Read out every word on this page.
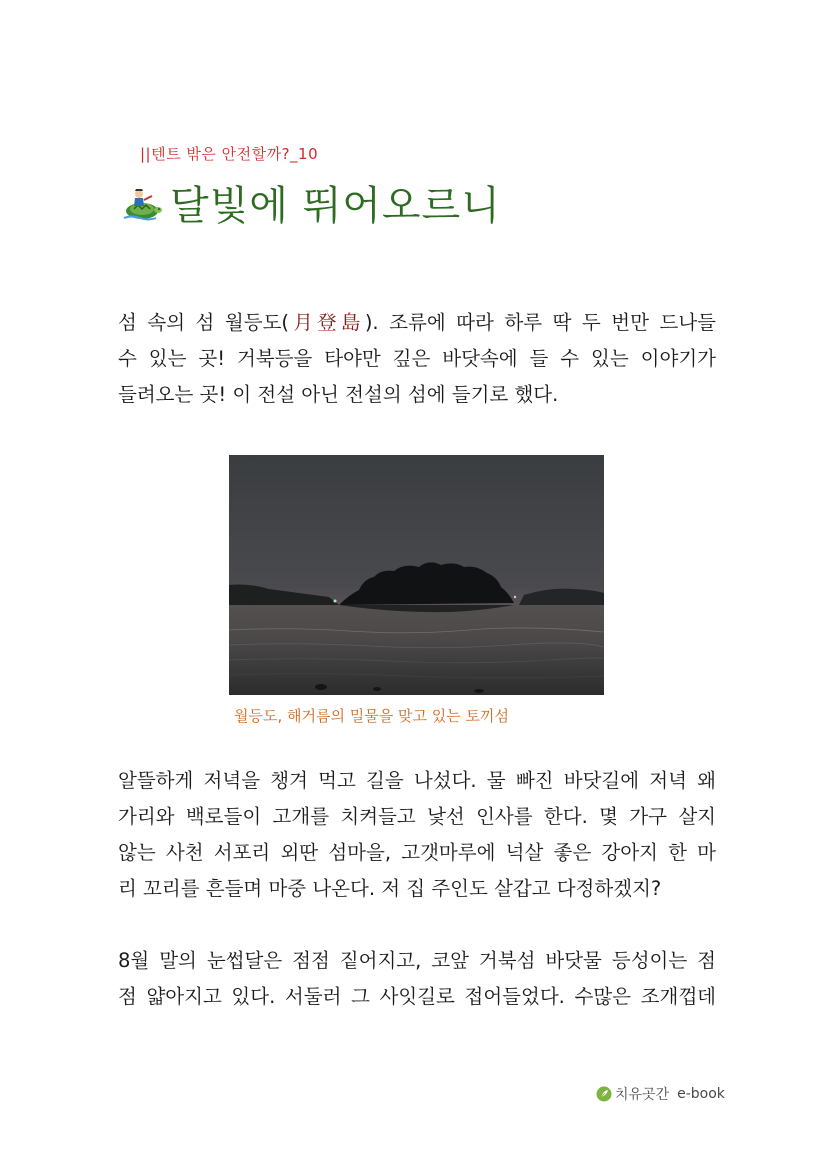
||텐트 밖은 안전할까?_10
달빛에 뛰어오르니
섬 속의 섬 월등도(月登島). 조류에 따라 하루 딱 두 번만 드나들
수 있는 곳! 거북등을 타야만 깊은 바닷속에 들 수 있는 이야기가
들려오는 곳! 이 전설 아닌 전설의 섬에 들기로 했다.
월등도, 해거름의 밀물을 맞고 있는 토끼섬
알뜰하게 저녁을 챙겨 먹고 길을 나섰다. 물 빠진 바닷길에 저녁 왜
가리와 백로들이 고개를 치켜들고 낯선 인사를 한다. 몇 가구 살지
않는 사천 서포리 외딴 섬마을, 고갯마루에 넉살 좋은 강아지 한 마
리 꼬리를 흔들며 마중 나온다. 저 집 주인도 살갑고 다정하겠지?
8월 말의 눈썹달은 점점 짙어지고, 코앞 거북섬 바닷물 등성이는 점
점 얇아지고 있다. 서둘러 그 사잇길로 접어들었다. 수많은 조개껍데
치유곳간 e-book
